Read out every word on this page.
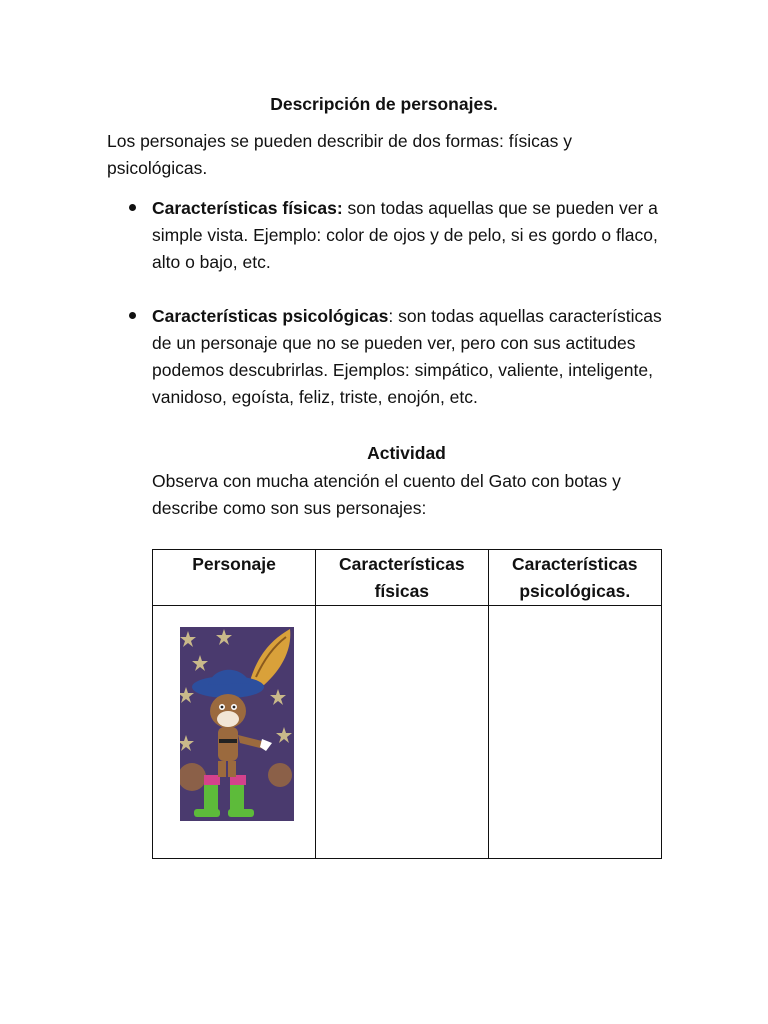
Descripción de personajes.
Los personajes se pueden describir de dos formas: físicas y psicológicas.
Características físicas: son todas aquellas que se pueden ver a simple vista. Ejemplo: color de ojos y de pelo, si es gordo o flaco, alto o bajo, etc.
Características psicológicas: son todas aquellas características de un personaje que no se pueden ver, pero con sus actitudes podemos descubrirlas. Ejemplos: simpático, valiente, inteligente, vanidoso, egoísta, feliz, triste, enojón, etc.
Actividad
Observa con mucha atención el cuento del Gato con botas y describe como son sus personajes:
Personaje	Características físicas	Características psicológicas.
